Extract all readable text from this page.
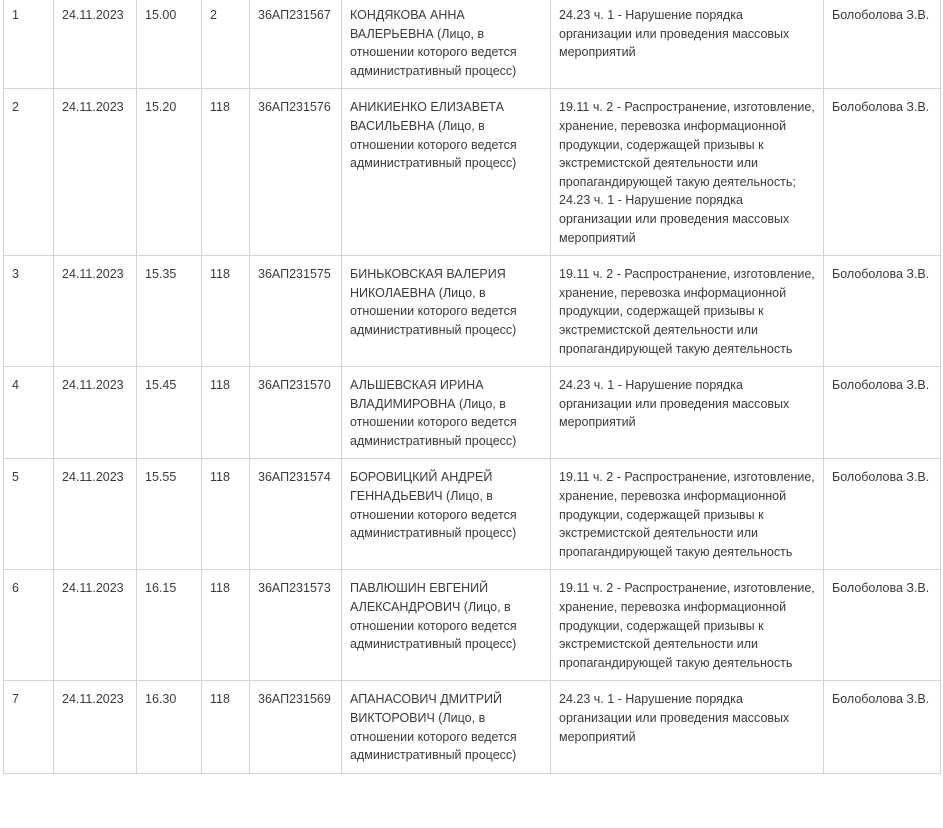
1	24.11.2023	15.00	2	36АП231567	КОНДЯКОВА АННА ВАЛЕРЬЕВНА (Лицо, в отношении которого ведется административный процесс)	24.23 ч. 1 - Нарушение порядка организации или проведения массовых мероприятий	Болоболова З.В.
2	24.11.2023	15.20	118	36АП231576	АНИКИЕНКО ЕЛИЗАВЕТА ВАСИЛЬЕВНА (Лицо, в отношении которого ведется административный процесс)	19.11 ч. 2 - Распространение, изготовление, хранение, перевозка информационной продукции, содержащей призывы к экстремистской деятельности или пропагандирующей такую деятельность; 24.23 ч. 1 - Нарушение порядка организации или проведения массовых мероприятий	Болоболова З.В.
3	24.11.2023	15.35	118	36АП231575	БИНЬКОВСКАЯ ВАЛЕРИЯ НИКОЛАЕВНА (Лицо, в отношении которого ведется административный процесс)	19.11 ч. 2 - Распространение, изготовление, хранение, перевозка информационной продукции, содержащей призывы к экстремистской деятельности или пропагандирующей такую деятельность	Болоболова З.В.
4	24.11.2023	15.45	118	36АП231570	АЛЬШЕВСКАЯ ИРИНА ВЛАДИМИРОВНА (Лицо, в отношении которого ведется административный процесс)	24.23 ч. 1 - Нарушение порядка организации или проведения массовых мероприятий	Болоболова З.В.
5	24.11.2023	15.55	118	36АП231574	БОРОВИЦКИЙ АНДРЕЙ ГЕННАДЬЕВИЧ (Лицо, в отношении которого ведется административный процесс)	19.11 ч. 2 - Распространение, изготовление, хранение, перевозка информационной продукции, содержащей призывы к экстремистской деятельности или пропагандирующей такую деятельность	Болоболова З.В.
6	24.11.2023	16.15	118	36АП231573	ПАВЛЮШИН ЕВГЕНИЙ АЛЕКСАНДРОВИЧ (Лицо, в отношении которого ведется административный процесс)	19.11 ч. 2 - Распространение, изготовление, хранение, перевозка информационной продукции, содержащей призывы к экстремистской деятельности или пропагандирующей такую деятельность	Болоболова З.В.
7	24.11.2023	16.30	118	36АП231569	АПАНАСОВИЧ ДМИТРИЙ ВИКТОРОВИЧ (Лицо, в отношении которого ведется административный процесс)	24.23 ч. 1 - Нарушение порядка организации или проведения массовых мероприятий	Болоболова З.В.
